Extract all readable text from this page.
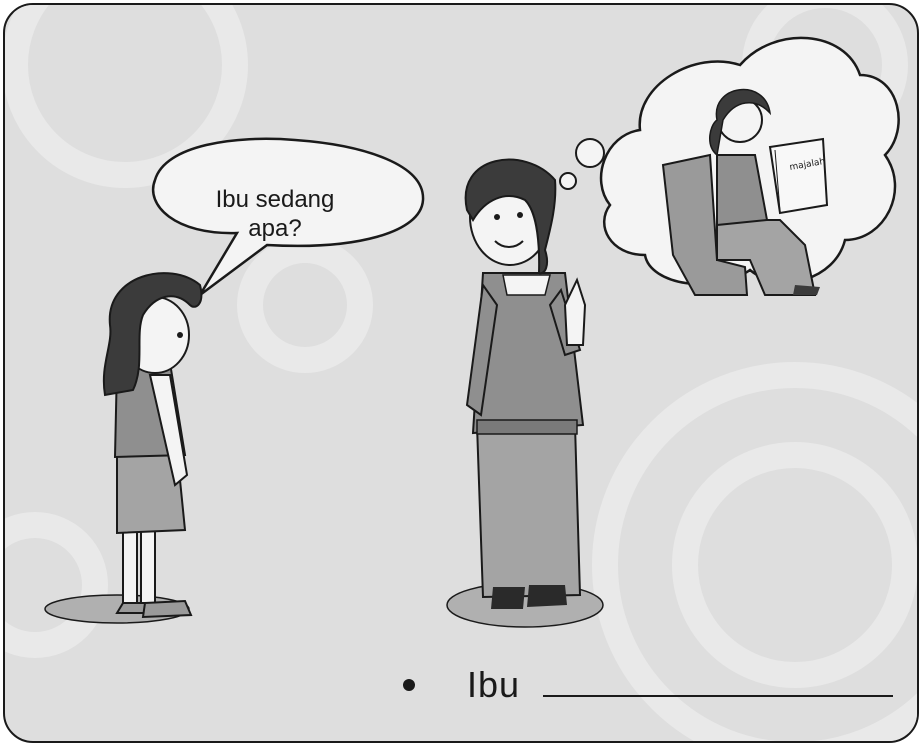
majalah
Ibu sedang
apa?
Ibu
